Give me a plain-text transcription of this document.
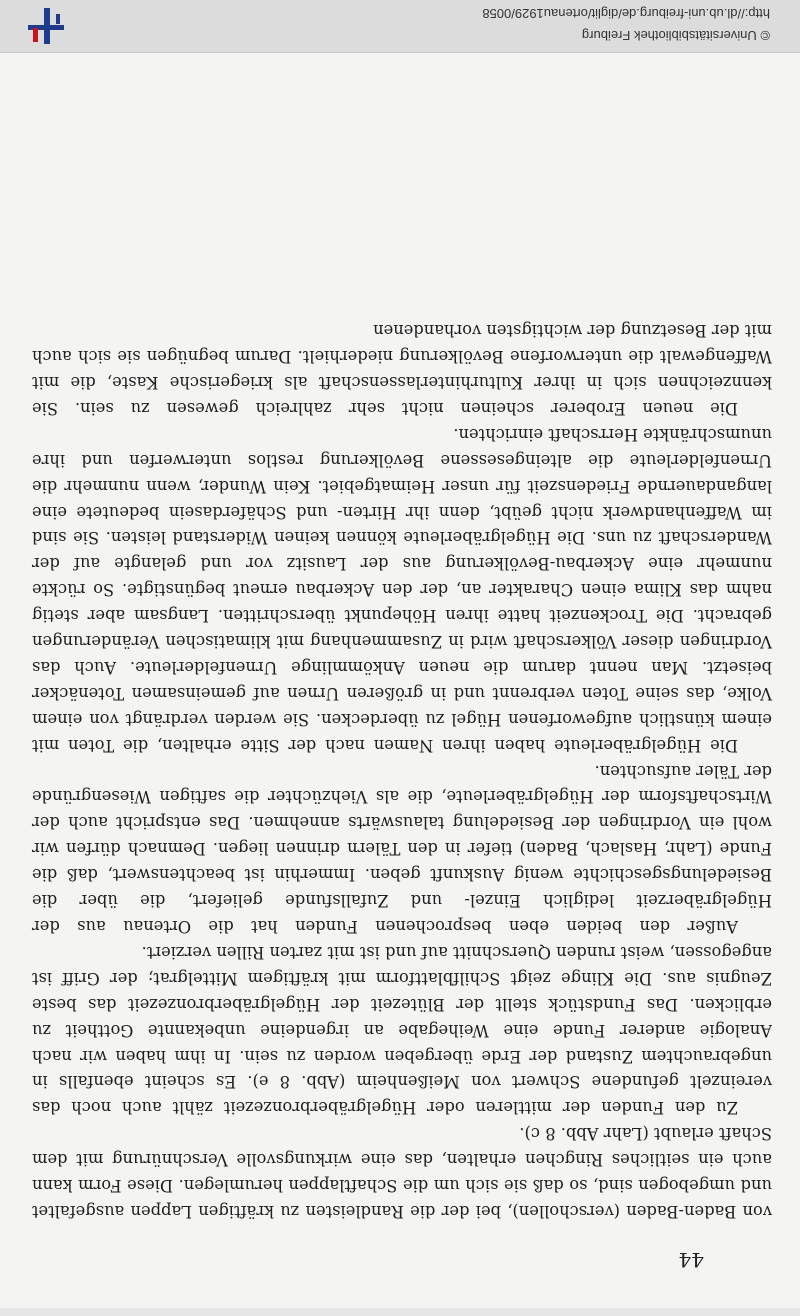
44

von Baden-Baden (verschollen), bei der die Randleisten zu kräftigen Lappen ausgefaltet und umgebogen sind, so daß sie sich um die Schaftlappen herumlegen. Diese Form kann auch ein seitliches Ringchen erhalten, das eine wirkungsvolle Verschnürung mit dem Schaft erlaubt (Lahr Abb. 8 c).

Zu den Funden der mittleren oder Hügelgräberbronzezeit zählt auch noch das vereinzelt gefundene Schwert von Meißenheim (Abb. 8 e). Es scheint ebenfalls in ungebrauchtem Zustand der Erde übergeben worden zu sein. In ihm haben wir nach Analogie anderer Funde eine Weihegabe an irgendeine unbekannte Gottheit zu erblicken. Das Fundstück stellt der Blütezeit der Hügelgräberbronzezeit das beste Zeugnis aus. Die Klinge zeigt Schilfblattform mit kräftigem Mittelgrat; der Griff ist angegossen, weist runden Querschnitt auf und ist mit zarten Rillen verziert.

Außer den beiden eben besprochenen Funden hat die Ortenau aus der Hügelgräberzeit lediglich Einzel- und Zufallsfunde geliefert, die über die Besiedelungsgeschichte wenig Auskunft geben. Immerhin ist beachtenswert, daß die Funde (Lahr, Haslach, Baden) tiefer in den Tälern drinnen liegen. Demnach dürfen wir wohl ein Vordringen der Besiedelung talauswärts annehmen. Das entspricht auch der Wirtschaftsform der Hügelgräberleute, die als Viehzüchter die saftigen Wiesengründe der Täler aufsuchten.

Die Hügelgräberleute haben ihren Namen nach der Sitte erhalten, die Toten mit einem künstlich aufgeworfenen Hügel zu überdecken. Sie werden verdrängt von einem Volke, das seine Toten verbrennt und in größeren Urnen auf gemeinsamen Totenäcker beisetzt. Man nennt darum die neuen Ankömmlinge Urnenfelderleute. Auch das Vordringen dieser Völkerschaft wird in Zusammenhang mit klimatischen Veränderungen gebracht. Die Trockenzeit hatte ihren Höhepunkt überschritten. Langsam aber stetig nahm das Klima einen Charakter an, der den Ackerbau erneut begünstigte. So rückte nunmehr eine Ackerbau-Bevölkerung aus der Lausitz vor und gelangte auf der Wanderschaft zu uns. Die Hügelgräberleute können keinen Widerstand leisten. Sie sind im Waffenhandwerk nicht geübt, denn ihr Hirten- und Schäferdasein bedeutete eine langandauernde Friedenszeit für unser Heimatgebiet. Kein Wunder, wenn nunmehr die Urnenfelderleute die alteingesessene Bevölkerung restlos unterwerfen und ihre unumschränkte Herrschaft einrichten.

Die neuen Eroberer scheinen nicht sehr zahlreich gewesen zu sein. Sie kennzeichnen sich in ihrer Kulturhinterlassenschaft als kriegerische Kaste, die mit Waffengewalt die unterworfene Bevölkerung niederhielt. Darum begnügen sie sich auch mit der Besetzung der wichtigsten vorhandenen

© Universitätsbibliothek Freiburg
http://dl.ub.uni-freiburg.de/diglit/ortenau1929/0058
